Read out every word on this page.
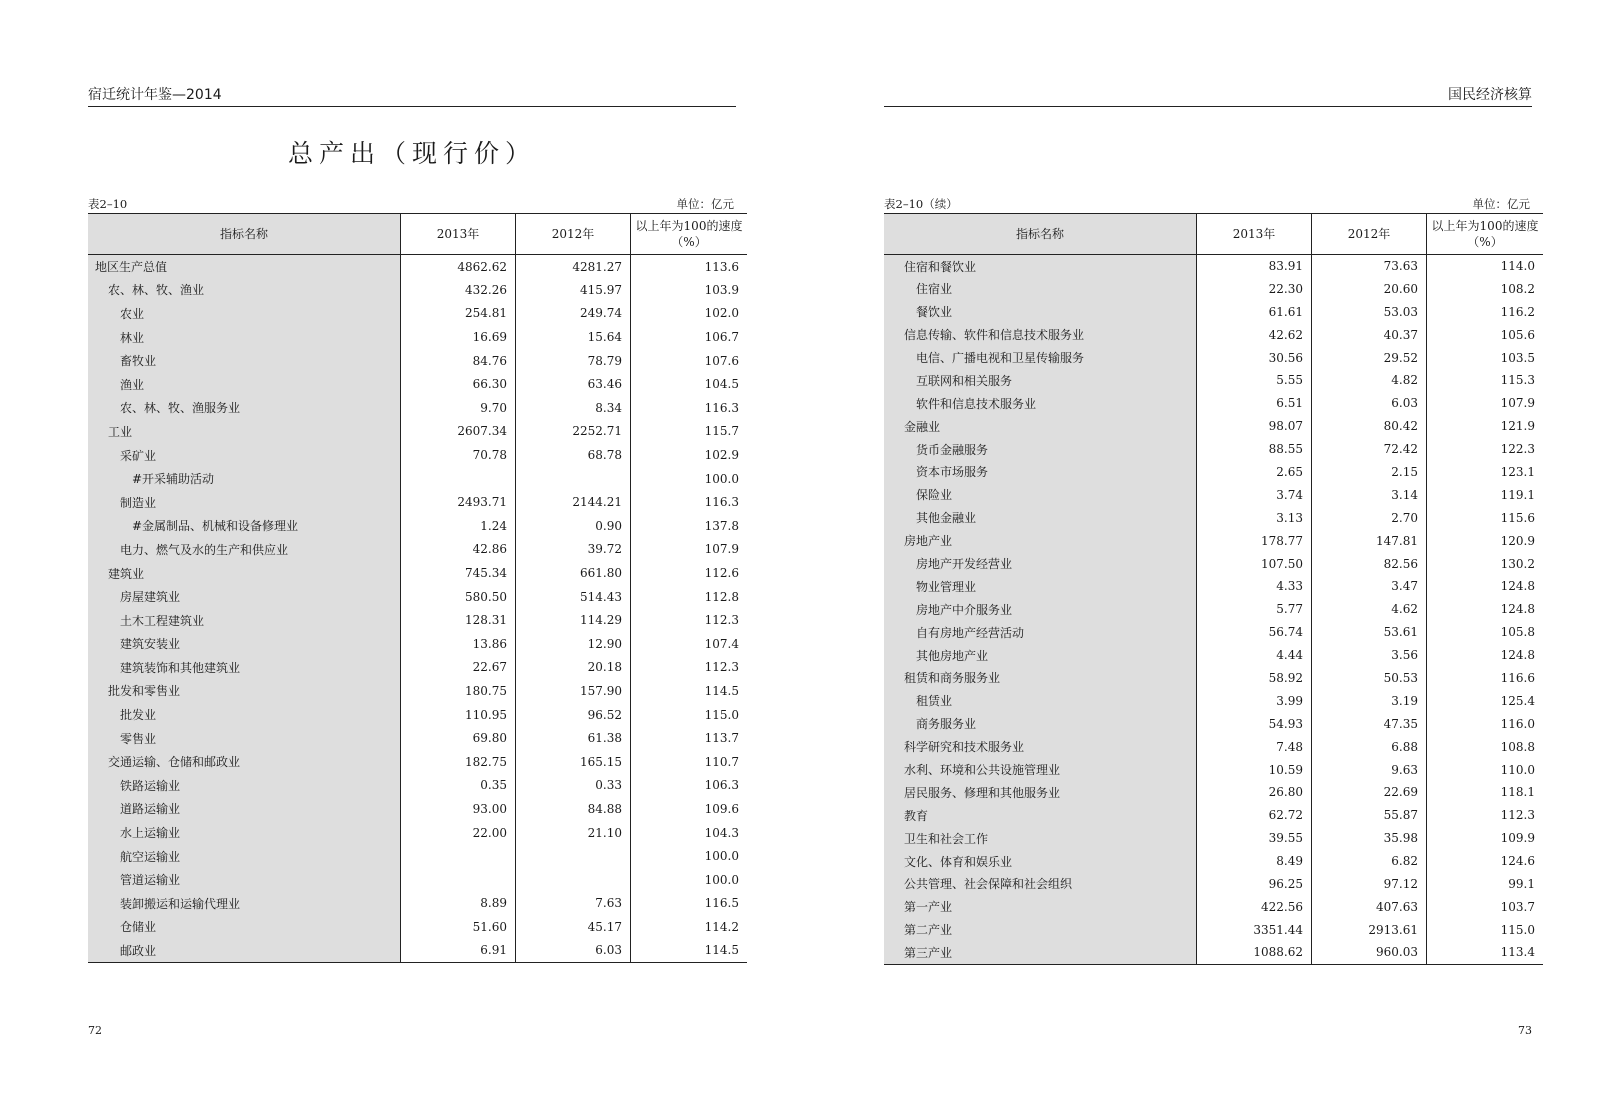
宿迁统计年鉴—2014
总产出（现行价）
表2–10	单位：亿元
指标名称	2013年	2012年	以上年为100的速度（%）
地区生产总值	4862.62	4281.27	113.6
农、林、牧、渔业	432.26	415.97	103.9
农业	254.81	249.74	102.0
林业	16.69	15.64	106.7
畜牧业	84.76	78.79	107.6
渔业	66.30	63.46	104.5
农、林、牧、渔服务业	9.70	8.34	116.3
工业	2607.34	2252.71	115.7
采矿业	70.78	68.78	102.9
#开采辅助活动			100.0
制造业	2493.71	2144.21	116.3
#金属制品、机械和设备修理业	1.24	0.90	137.8
电力、燃气及水的生产和供应业	42.86	39.72	107.9
建筑业	745.34	661.80	112.6
房屋建筑业	580.50	514.43	112.8
土木工程建筑业	128.31	114.29	112.3
建筑安装业	13.86	12.90	107.4
建筑装饰和其他建筑业	22.67	20.18	112.3
批发和零售业	180.75	157.90	114.5
批发业	110.95	96.52	115.0
零售业	69.80	61.38	113.7
交通运输、仓储和邮政业	182.75	165.15	110.7
铁路运输业	0.35	0.33	106.3
道路运输业	93.00	84.88	109.6
水上运输业	22.00	21.10	104.3
航空运输业			100.0
管道运输业			100.0
装卸搬运和运输代理业	8.89	7.63	116.5
仓储业	51.60	45.17	114.2
邮政业	6.91	6.03	114.5
72
国民经济核算
表2–10（续）	单位：亿元
指标名称	2013年	2012年	以上年为100的速度（%）
住宿和餐饮业	83.91	73.63	114.0
住宿业	22.30	20.60	108.2
餐饮业	61.61	53.03	116.2
信息传输、软件和信息技术服务业	42.62	40.37	105.6
电信、广播电视和卫星传输服务	30.56	29.52	103.5
互联网和相关服务	5.55	4.82	115.3
软件和信息技术服务业	6.51	6.03	107.9
金融业	98.07	80.42	121.9
货币金融服务	88.55	72.42	122.3
资本市场服务	2.65	2.15	123.1
保险业	3.74	3.14	119.1
其他金融业	3.13	2.70	115.6
房地产业	178.77	147.81	120.9
房地产开发经营业	107.50	82.56	130.2
物业管理业	4.33	3.47	124.8
房地产中介服务业	5.77	4.62	124.8
自有房地产经营活动	56.74	53.61	105.8
其他房地产业	4.44	3.56	124.8
租赁和商务服务业	58.92	50.53	116.6
租赁业	3.99	3.19	125.4
商务服务业	54.93	47.35	116.0
科学研究和技术服务业	7.48	6.88	108.8
水利、环境和公共设施管理业	10.59	9.63	110.0
居民服务、修理和其他服务业	26.80	22.69	118.1
教育	62.72	55.87	112.3
卫生和社会工作	39.55	35.98	109.9
文化、体育和娱乐业	8.49	6.82	124.6
公共管理、社会保障和社会组织	96.25	97.12	99.1
第一产业	422.56	407.63	103.7
第二产业	3351.44	2913.61	115.0
第三产业	1088.62	960.03	113.4
73
